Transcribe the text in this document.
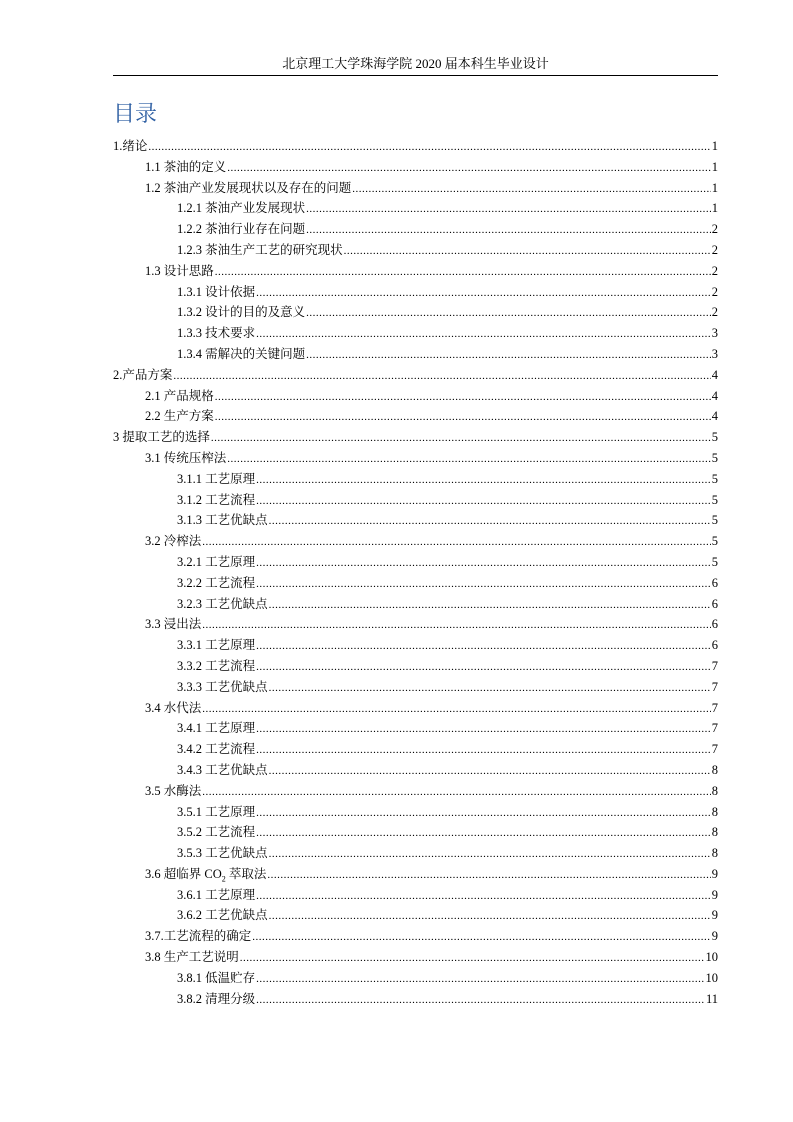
北京理工大学珠海学院 2020 届本科生毕业设计
目录
1.绪论 .....	1
1.1 茶油的定义 .....	1
1.2 茶油产业发展现状以及存在的问题 .....	1
1.2.1 茶油产业发展现状 .....	1
1.2.2 茶油行业存在问题 .....	2
1.2.3 茶油生产工艺的研究现状 .....	2
1.3 设计思路 .....	2
1.3.1 设计依据 .....	2
1.3.2 设计的目的及意义 .....	2
1.3.3 技术要求 .....	3
1.3.4 需解决的关键问题 .....	3
2.产品方案 .....	4
2.1 产品规格 .....	4
2.2 生产方案 .....	4
3 提取工艺的选择 .....	5
3.1 传统压榨法 .....	5
3.1.1 工艺原理 .....	5
3.1.2 工艺流程 .....	5
3.1.3 工艺优缺点 .....	5
3.2 冷榨法 .....	5
3.2.1 工艺原理 .....	5
3.2.2 工艺流程 .....	6
3.2.3 工艺优缺点 .....	6
3.3 浸出法 .....	6
3.3.1 工艺原理 .....	6
3.3.2 工艺流程 .....	7
3.3.3 工艺优缺点 .....	7
3.4 水代法 .....	7
3.4.1 工艺原理 .....	7
3.4.2 工艺流程 .....	7
3.4.3 工艺优缺点 .....	8
3.5 水酶法 .....	8
3.5.1 工艺原理 .....	8
3.5.2 工艺流程 .....	8
3.5.3 工艺优缺点 .....	8
3.6 超临界 $CO_2$ 萃取法 .....	9
3.6.1 工艺原理 .....	9
3.6.2 工艺优缺点 .....	9
3.7.工艺流程的确定 .....	9
3.8 生产工艺说明 .....	10
3.8.1 低温贮存 .....	10
3.8.2 清理分级 .....	11
